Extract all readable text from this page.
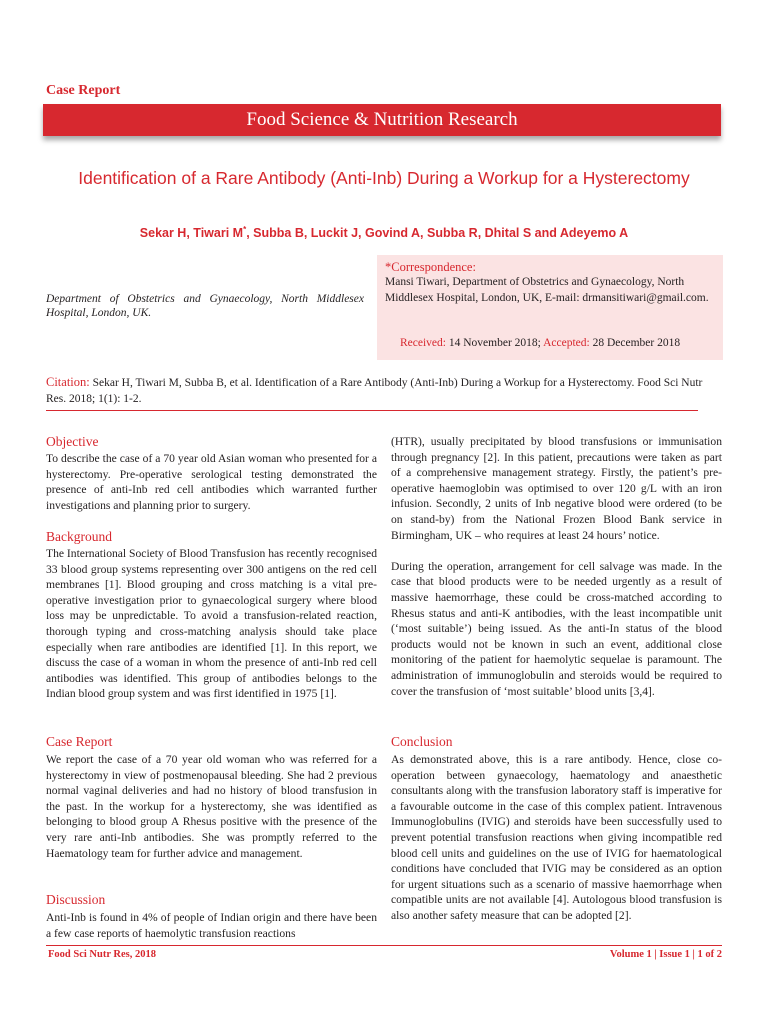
Case Report
Food Science & Nutrition Research
Identification of a Rare Antibody (Anti-Inb) During a Workup for a Hysterectomy
Sekar H, Tiwari M*, Subba B, Luckit J, Govind A, Subba R, Dhital S and Adeyemo A
Department of Obstetrics and Gynaecology, North Middlesex Hospital, London, UK.
*Correspondence:
Mansi Tiwari, Department of Obstetrics and Gynaecology, North Middlesex Hospital, London, UK, E-mail: drmansitiwari@gmail.com.
Received: 14 November 2018; Accepted: 28 December 2018
Citation: Sekar H, Tiwari M, Subba B, et al. Identification of a Rare Antibody (Anti-Inb) During a Workup for a Hysterectomy. Food Sci Nutr Res. 2018; 1(1): 1-2.
Objective

To describe the case of a 70 year old Asian woman who presented for a hysterectomy. Pre-operative serological testing demonstrated the presence of anti-Inb red cell antibodies which warranted further investigations and planning prior to surgery.

Background

The International Society of Blood Transfusion has recently recognised 33 blood group systems representing over 300 antigens on the red cell membranes [1]. Blood grouping and cross matching is a vital pre-operative investigation prior to gynaecological surgery where blood loss may be unpredictable. To avoid a transfusion-related reaction, thorough typing and cross-matching analysis should take place especially when rare antibodies are identified [1]. In this report, we discuss the case of a woman in whom the presence of anti-Inb red cell antibodies was identified. This group of antibodies belongs to the Indian blood group system and was first identified in 1975 [1].

Case Report

We report the case of a 70 year old woman who was referred for a hysterectomy in view of postmenopausal bleeding. She had 2 previous normal vaginal deliveries and had no history of blood transfusion in the past. In the workup for a hysterectomy, she was identified as belonging to blood group A Rhesus positive with the presence of the very rare anti-Inb antibodies. She was promptly referred to the Haematology team for further advice and management.

Discussion

Anti-Inb is found in 4% of people of Indian origin and there have been a few case reports of haemolytic transfusion reactions

(HTR), usually precipitated by blood transfusions or immunisation through pregnancy [2]. In this patient, precautions were taken as part of a comprehensive management strategy. Firstly, the patient’s pre-operative haemoglobin was optimised to over 120 g/L with an iron infusion. Secondly, 2 units of Inb negative blood were ordered (to be on stand-by) from the National Frozen Blood Bank service in Birmingham, UK – who requires at least 24 hours’ notice.

During the operation, arrangement for cell salvage was made. In the case that blood products were to be needed urgently as a result of massive haemorrhage, these could be cross-matched according to Rhesus status and anti-K antibodies, with the least incompatible unit (‘most suitable’) being issued. As the anti-In status of the blood products would not be known in such an event, additional close monitoring of the patient for haemolytic sequelae is paramount. The administration of immunoglobulin and steroids would be required to cover the transfusion of ‘most suitable’ blood units [3,4].

Conclusion

As demonstrated above, this is a rare antibody. Hence, close co-operation between gynaecology, haematology and anaesthetic consultants along with the transfusion laboratory staff is imperative for a favourable outcome in the case of this complex patient. Intravenous Immunoglobulins (IVIG) and steroids have been successfully used to prevent potential transfusion reactions when giving incompatible red blood cell units and guidelines on the use of IVIG for haematological conditions have concluded that IVIG may be considered as an option for urgent situations such as a scenario of massive haemorrhage when compatible units are not available [4]. Autologous blood transfusion is also another safety measure that can be adopted [2].

Food Sci Nutr Res, 2018	Volume 1 | Issue 1 | 1 of 2
